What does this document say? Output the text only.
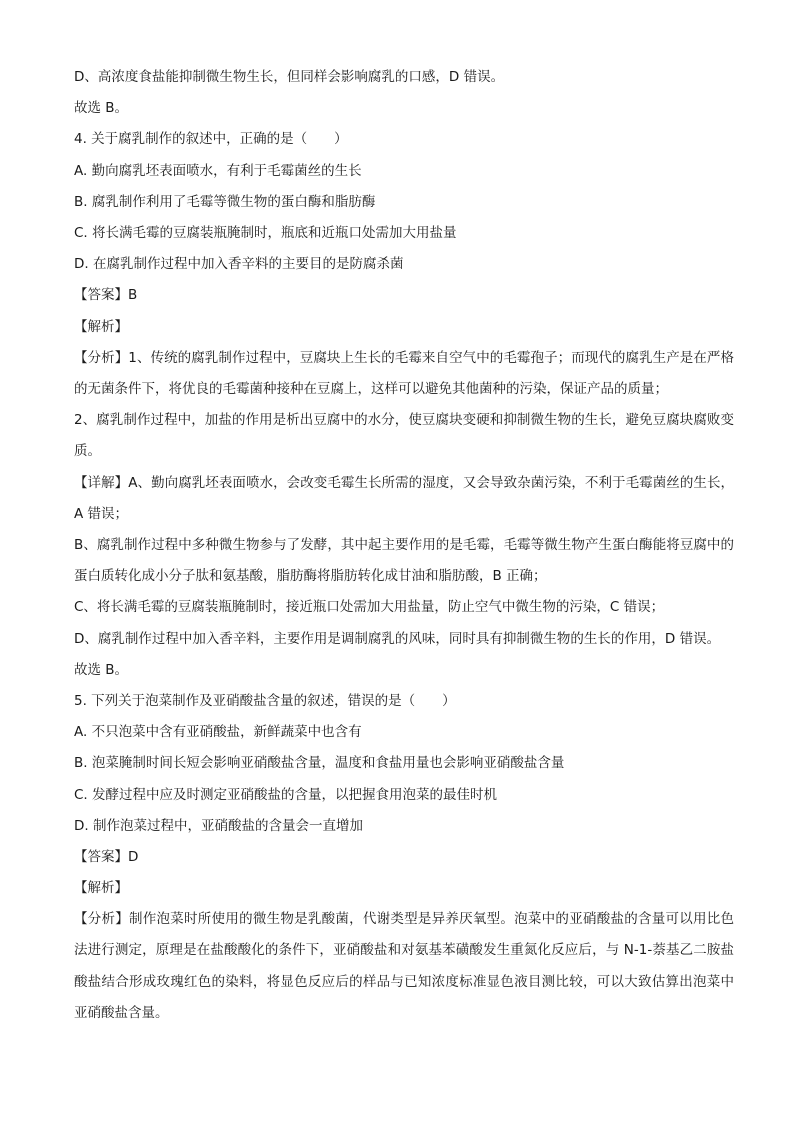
D、高浓度食盐能抑制微生物生长，但同样会影响腐乳的口感，D 错误。

故选 B。

4. 关于腐乳制作的叙述中，正确的是（　　）

A. 勤向腐乳坯表面喷水，有利于毛霉菌丝的生长

B. 腐乳制作利用了毛霉等微生物的蛋白酶和脂肪酶

C. 将长满毛霉的豆腐装瓶腌制时，瓶底和近瓶口处需加大用盐量

D. 在腐乳制作过程中加入香辛料的主要目的是防腐杀菌

【答案】B

【解析】

【分析】1、传统的腐乳制作过程中，豆腐块上生长的毛霉来自空气中的毛霉孢子；而现代的腐乳生产是在严格的无菌条件下，将优良的毛霉菌种接种在豆腐上，这样可以避免其他菌种的污染，保证产品的质量；

2、腐乳制作过程中，加盐的作用是析出豆腐中的水分，使豆腐块变硬和抑制微生物的生长，避免豆腐块腐败变质。

【详解】A、勤向腐乳坯表面喷水，会改变毛霉生长所需的湿度，又会导致杂菌污染，不利于毛霉菌丝的生长，A 错误；

B、腐乳制作过程中多种微生物参与了发酵，其中起主要作用的是毛霉，毛霉等微生物产生蛋白酶能将豆腐中的蛋白质转化成小分子肽和氨基酸，脂肪酶将脂肪转化成甘油和脂肪酸，B 正确；

C、将长满毛霉的豆腐装瓶腌制时，接近瓶口处需加大用盐量，防止空气中微生物的污染，C 错误；

D、腐乳制作过程中加入香辛料，主要作用是调制腐乳的风味，同时具有抑制微生物的生长的作用，D 错误。

故选 B。

5. 下列关于泡菜制作及亚硝酸盐含量的叙述，错误的是（　　）

A. 不只泡菜中含有亚硝酸盐，新鲜蔬菜中也含有

B. 泡菜腌制时间长短会影响亚硝酸盐含量，温度和食盐用量也会影响亚硝酸盐含量

C. 发酵过程中应及时测定亚硝酸盐的含量，以把握食用泡菜的最佳时机

D. 制作泡菜过程中，亚硝酸盐的含量会一直增加

【答案】D

【解析】

【分析】制作泡菜时所使用的微生物是乳酸菌，代谢类型是异养厌氧型。泡菜中的亚硝酸盐的含量可以用比色法进行测定，原理是在盐酸酸化的条件下，亚硝酸盐和对氨基苯磺酸发生重氮化反应后，与 N-1-萘基乙二胺盐酸盐结合形成玫瑰红色的染料，将显色反应后的样品与已知浓度标准显色液目测比较，可以大致估算出泡菜中亚硝酸盐含量。
